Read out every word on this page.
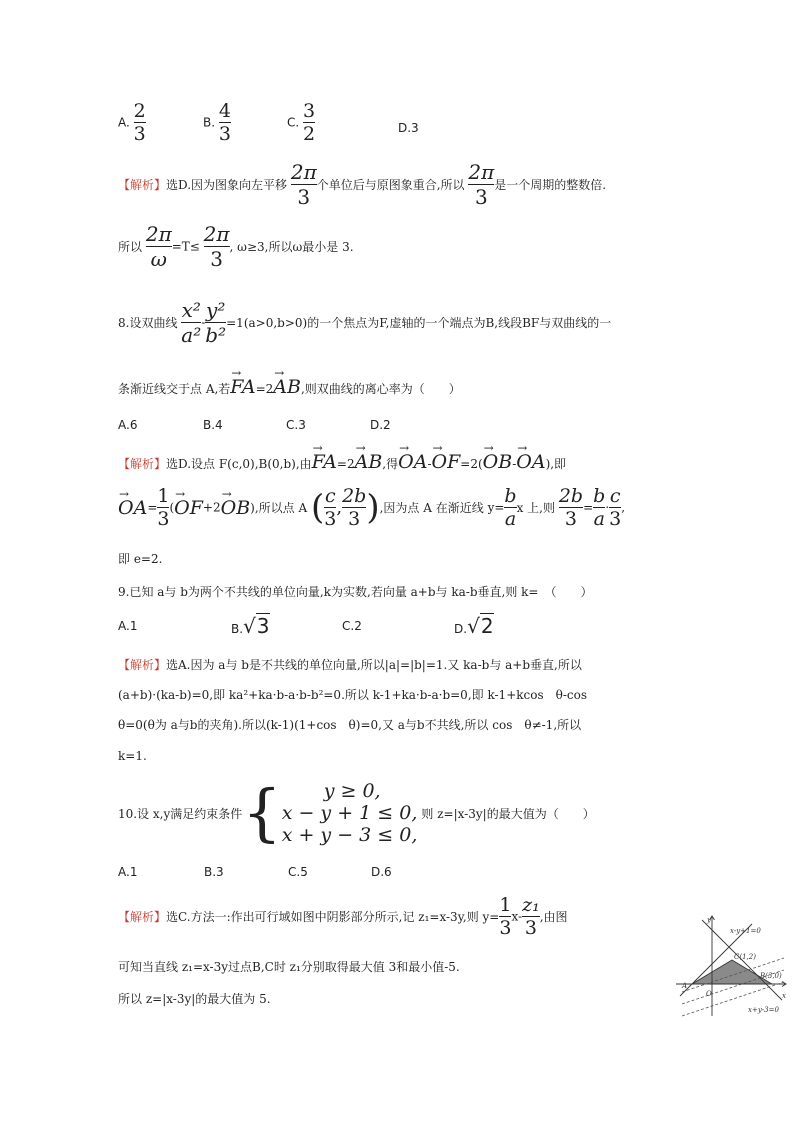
A. $\frac{2}{3}$	B. $\frac{4}{3}$	C. $\frac{3}{2}$	D.3
【解析】选D.因为图象向左平移 $\frac{2\pi}{3}$ 个单位后与原图象重合,所以 $\frac{2\pi}{3}$ 是一个周期的整数倍.
所以 $\frac{2\pi}{\omega} =T\le \frac{2\pi}{3}$ , ω≥3,所以ω最小是 3.
8.设双曲线 $\frac{\text{x²}}{\text{a²}} - \frac{\text{y²}}{\text{b²}} =1(a>0,b>0)$的一个焦点为F,虚轴的一个端点为B,线段BF与双曲线的一
条渐近线交于点 A,若→ FA=2→ AB,则双曲线的离心率为（　　）
A.6	B.4	C.3	D.2
【解析】选D.设点 F(c,0),B(0,b),由→ FA=2→ AB,得→ OA-→ OF=2(→ OB-→ OA),即
→ $OA= \frac{1}{3}$ (→ OF+2→ OB),所以点 A ( $\frac{c}{3}$ , $\frac{2b}{3}$ ),因为点 A 在渐近线 $y= \frac{b}{a}$ x 上,则 $\frac{2b}{3} = \frac{b}{a} \cdot \frac{c}{3}$ ,
即 e=2.
9.已知 a与 b为两个不共线的单位向量,k为实数,若向量 a+b与 ka-b垂直,则 k=　（　　）
A.1	B.√3	C.2	D.√2
【解析】选A.因为 a与 b是不共线的单位向量,所以|a|=|b|=1.又 ka-b与 a+b垂直,所以
(a+b)·(ka-b)=0,即 ka²+ka·b-a·b-b²=0.所以 k-1+ka·b-a·b=0,即 k-1+kcos　θ-cos
θ=0(θ为 a与b的夹角).所以(k-1)(1+cos　θ)=0,又 a与b不共线,所以 cos　θ≠-1,所以
k=1.
10.设 x,y满足约束条件 {	y ≥ 0,
x − y + 1 ≤ 0,
x + y − 3 ≤ 0,
则 z=|x-3y|的最大值为（　　）
A.1	B.3	C.5	D.6
【解析】选C.方法一:作出可行域如图中阴影部分所示,记 z₁=x-3y,则 $y= \frac{1}{3} x- \frac{\text{z₁}}{3}$ ,由图
可知当直线 z₁=x-3y过点B,C时 z₁分别取得最大值 3和最小值-5.
所以 z=|x-3y|的最大值为 5.
y
x
x-y+1=0
C(1,2)
B(3,0)
A
O
x+y-3=0
